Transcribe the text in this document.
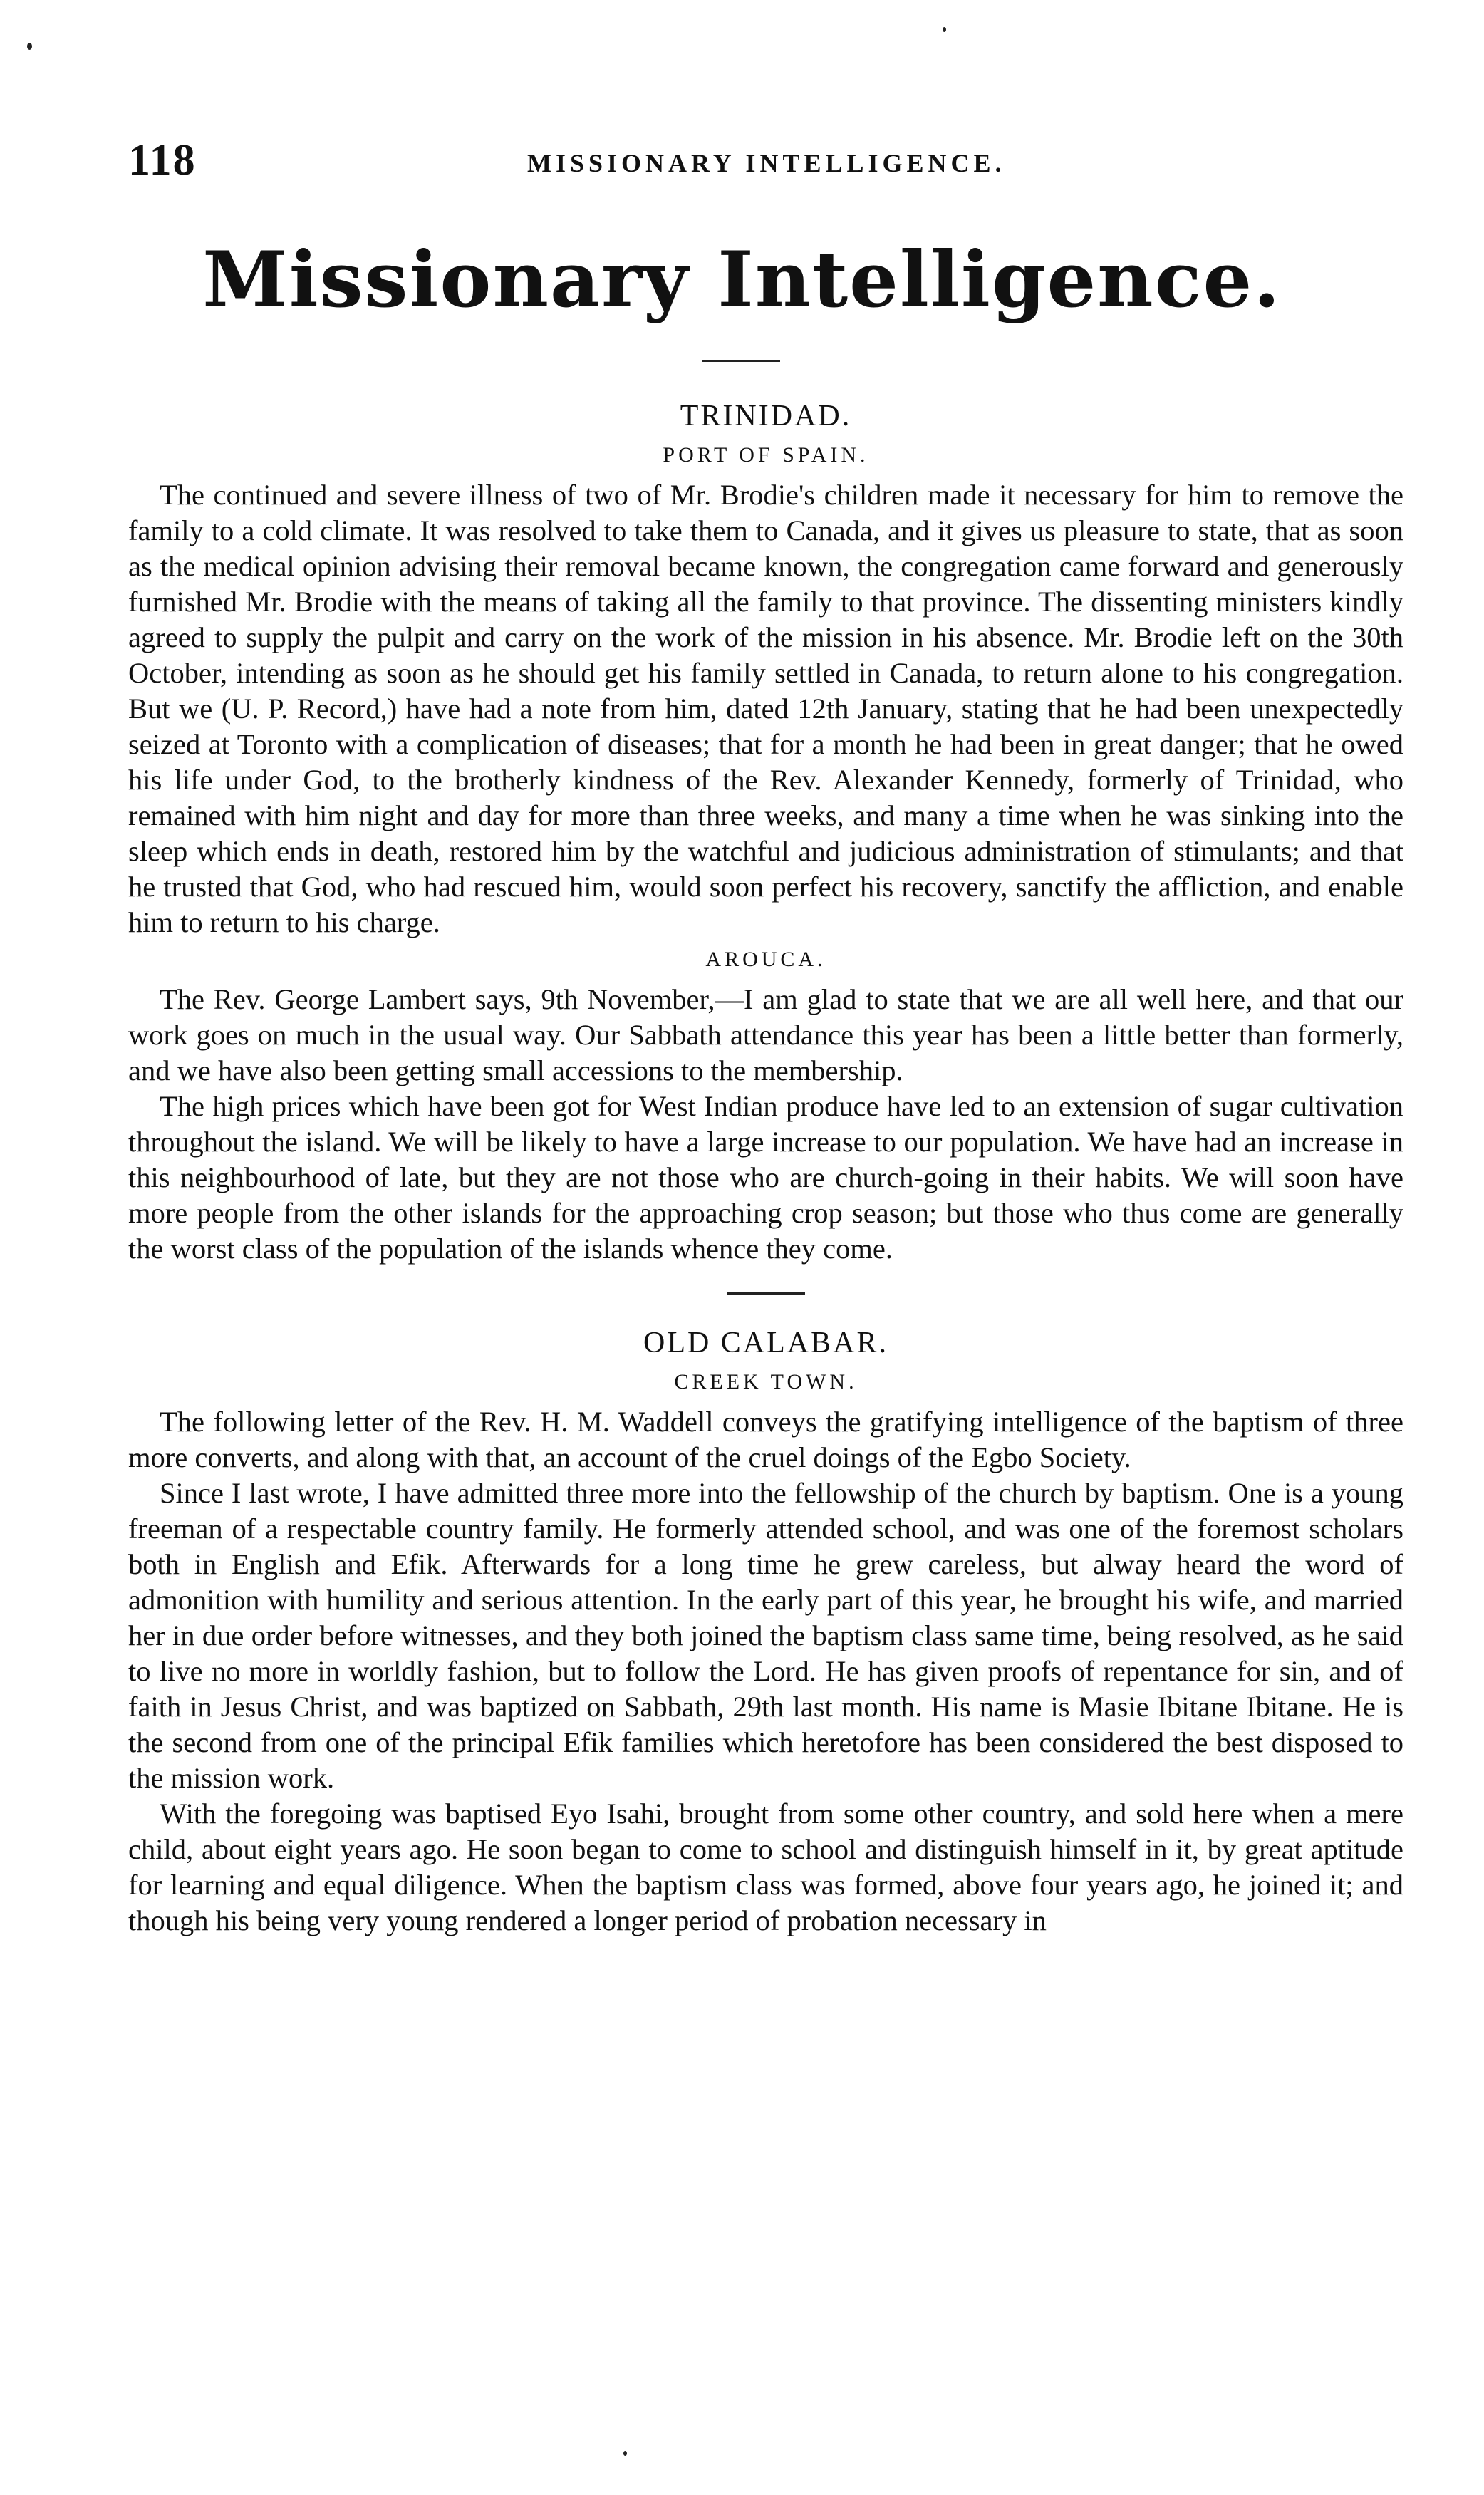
118	MISSIONARY INTELLIGENCE.
Missionary Intelligence.
TRINIDAD.
PORT OF SPAIN.

The continued and severe illness of two of Mr. Brodie's children made it necessary for him to remove the family to a cold climate. It was resolved to take them to Canada, and it gives us pleasure to state, that as soon as the medical opinion advising their removal became known, the congregation came forward and generously furnished Mr. Brodie with the means of taking all the family to that province. The dissenting ministers kindly agreed to supply the pulpit and carry on the work of the mission in his absence. Mr. Brodie left on the 30th October, intending as soon as he should get his family settled in Canada, to return alone to his congregation. But we (U. P. Record,) have had a note from him, dated 12th January, stating that he had been unexpectedly seized at Toronto with a complication of diseases; that for a month he had been in great danger; that he owed his life under God, to the brotherly kindness of the Rev. Alexander Kennedy, formerly of Trinidad, who remained with him night and day for more than three weeks, and many a time when he was sinking into the sleep which ends in death, restored him by the watchful and judicious administration of stimulants; and that he trusted that God, who had rescued him, would soon perfect his recovery, sanctify the affliction, and enable him to return to his charge.

AROUCA.

The Rev. George Lambert says, 9th November,—I am glad to state that we are all well here, and that our work goes on much in the usual way. Our Sabbath attendance this year has been a little better than formerly, and we have also been getting small accessions to the membership.

The high prices which have been got for West Indian produce have led to an extension of sugar cultivation throughout the island. We will be likely to have a large increase to our population. We have had an increase in this neighbourhood of late, but they are not those who are church-going in their habits. We will soon have more people from the other islands for the approaching crop season; but those who thus come are generally the worst class of the population of the islands whence they come.

OLD CALABAR.
CREEK TOWN.

The following letter of the Rev. H. M. Waddell conveys the gratifying intelligence of the baptism of three more converts, and along with that, an account of the cruel doings of the Egbo Society.

Since I last wrote, I have admitted three more into the fellowship of the church by baptism. One is a young freeman of a respectable country family. He formerly attended school, and was one of the foremost scholars both in English and Efik. Afterwards for a long time he grew careless, but alway heard the word of admonition with humility and serious attention. In the early part of this year, he brought his wife, and married her in due order before witnesses, and they both joined the baptism class same time, being resolved, as he said to live no more in worldly fashion, but to follow the Lord. He has given proofs of repentance for sin, and of faith in Jesus Christ, and was baptized on Sabbath, 29th last month. His name is Masie Ibitane Ibitane. He is the second from one of the principal Efik families which heretofore has been considered the best disposed to the mission work.

With the foregoing was baptised Eyo Isahi, brought from some other country, and sold here when a mere child, about eight years ago. He soon began to come to school and distinguish himself in it, by great aptitude for learning and equal diligence. When the baptism class was formed, above four years ago, he joined it; and though his being very young rendered a longer period of probation necessary in
